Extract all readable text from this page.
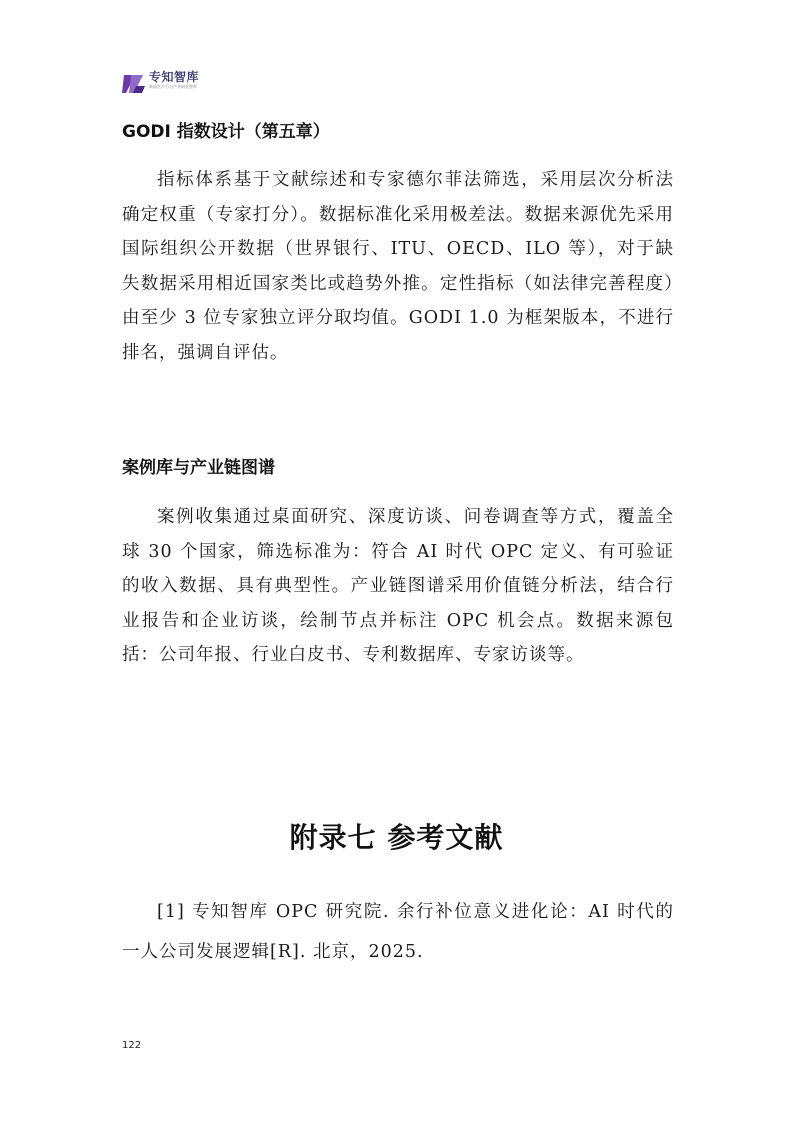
专知智库
新质生产力与产业研究智库
GODI 指数设计（第五章）

指标体系基于文献综述和专家德尔菲法筛选，采用层次分析法确定权重（专家打分）。数据标准化采用极差法。数据来源优先采用国际组织公开数据（世界银行、ITU、OECD、ILO 等），对于缺失数据采用相近国家类比或趋势外推。定性指标（如法律完善程度）由至少 3 位专家独立评分取均值。GODI 1.0 为框架版本，不进行排名，强调自评估。

案例库与产业链图谱

案例收集通过桌面研究、深度访谈、问卷调查等方式，覆盖全球 30 个国家，筛选标准为：符合 AI 时代 OPC 定义、有可验证的收入数据、具有典型性。产业链图谱采用价值链分析法，结合行业报告和企业访谈，绘制节点并标注 OPC 机会点。数据来源包括：公司年报、行业白皮书、专利数据库、专家访谈等。

附录七 参考文献

[1] 专知智库 OPC 研究院. 余行补位意义进化论：AI 时代的一人公司发展逻辑[R]. 北京，2025.

122
